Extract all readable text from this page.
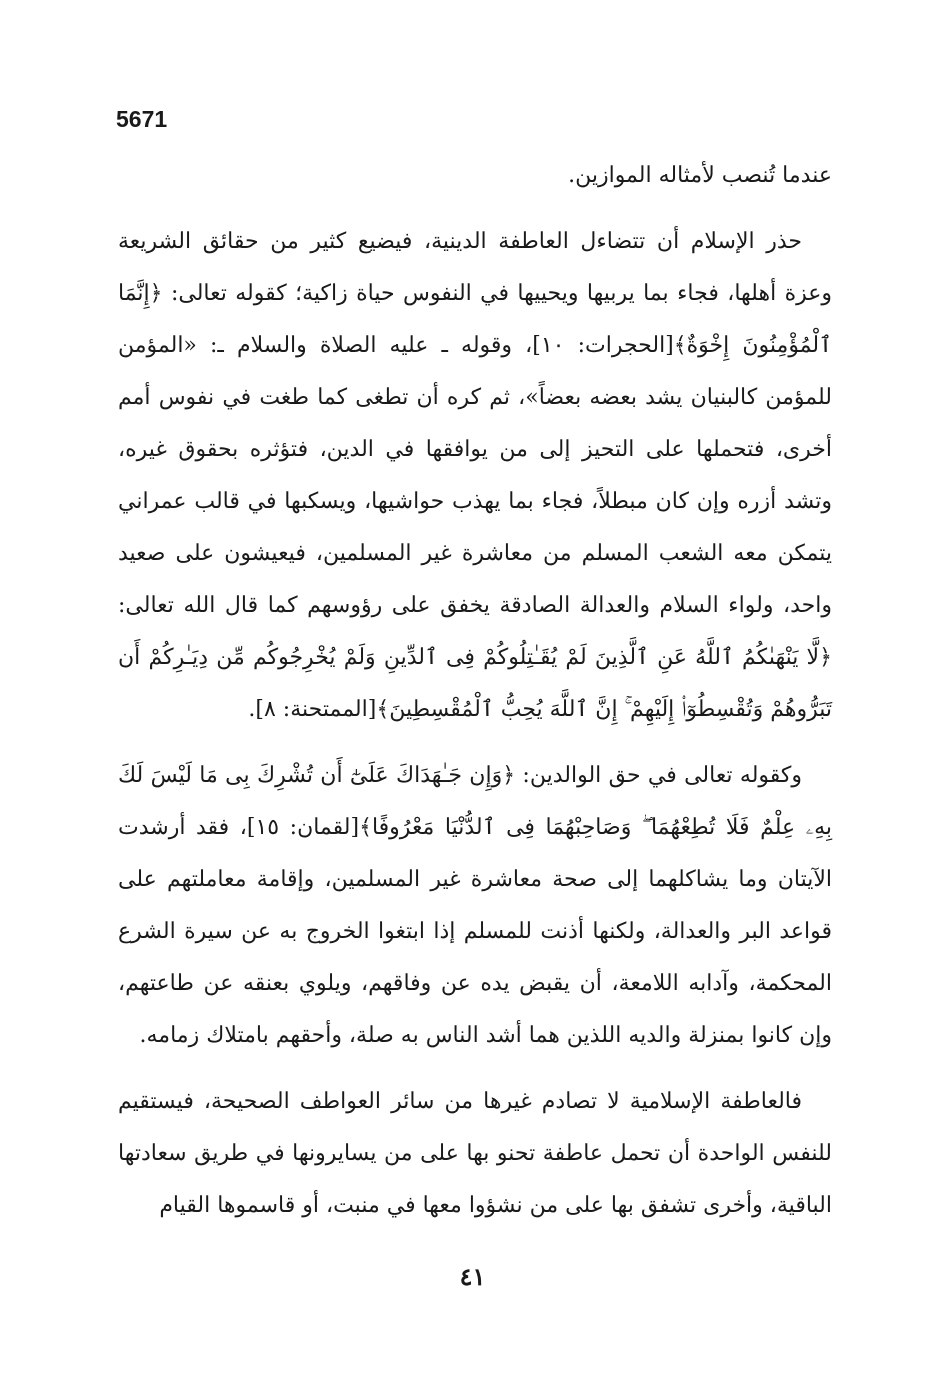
5671

عندما تُنصب لأمثاله الموازين.

حذر الإسلام أن تتضاءل العاطفة الدينية، فيضيع كثير من حقائق الشريعة وعزة أهلها، فجاء بما يربيها ويحييها في النفوس حياة زاكية؛ كقوله تعالى: ﴿إِنَّمَا ٱلْمُؤْمِنُونَ إِخْوَةٌ﴾[الحجرات: ١٠]، وقوله ـ عليه الصلاة والسلام ـ: «المؤمن للمؤمن كالبنيان يشد بعضه بعضاً»، ثم كره أن تطغى كما طغت في نفوس أمم أخرى، فتحملها على التحيز إلى من يوافقها في الدين، فتؤثره بحقوق غيره، وتشد أزره وإن كان مبطلاً، فجاء بما يهذب حواشيها، ويسكبها في قالب عمراني يتمكن معه الشعب المسلم من معاشرة غير المسلمين، فيعيشون على صعيد واحد، ولواء السلام والعدالة الصادقة يخفق على رؤوسهم كما قال الله تعالى: ﴿لَّا يَنْهَىٰكُمُ ٱللَّهُ عَنِ ٱلَّذِينَ لَمْ يُقَـٰتِلُوكُمْ فِى ٱلدِّينِ وَلَمْ يُخْرِجُوكُم مِّن دِيَـٰرِكُمْ أَن تَبَرُّوهُمْ وَتُقْسِطُوٓا۟ إِلَيْهِمْ ۚ إِنَّ ٱللَّهَ يُحِبُّ ٱلْمُقْسِطِينَ﴾[الممتحنة: ٨].

وكقوله تعالى في حق الوالدين: ﴿وَإِن جَـٰهَدَاكَ عَلَىٰٓ أَن تُشْرِكَ بِى مَا لَيْسَ لَكَ بِهِۦ عِلْمٌ فَلَا تُطِعْهُمَا ۖ وَصَاحِبْهُمَا فِى ٱلدُّنْيَا مَعْرُوفًا﴾[لقمان: ١٥]، فقد أرشدت الآيتان وما يشاكلهما إلى صحة معاشرة غير المسلمين، وإقامة معاملتهم على قواعد البر والعدالة، ولكنها أذنت للمسلم إذا ابتغوا الخروج به عن سيرة الشرع المحكمة، وآدابه اللامعة، أن يقبض يده عن وفاقهم، ويلوي بعنقه عن طاعتهم، وإن كانوا بمنزلة والديه اللذين هما أشد الناس به صلة، وأحقهم بامتلاك زمامه.

فالعاطفة الإسلامية لا تصادم غيرها من سائر العواطف الصحيحة، فيستقيم للنفس الواحدة أن تحمل عاطفة تحنو بها على من يسايرونها في طريق سعادتها الباقية، وأخرى تشفق بها على من نشؤوا معها في منبت، أو قاسموها القيام

٤١
